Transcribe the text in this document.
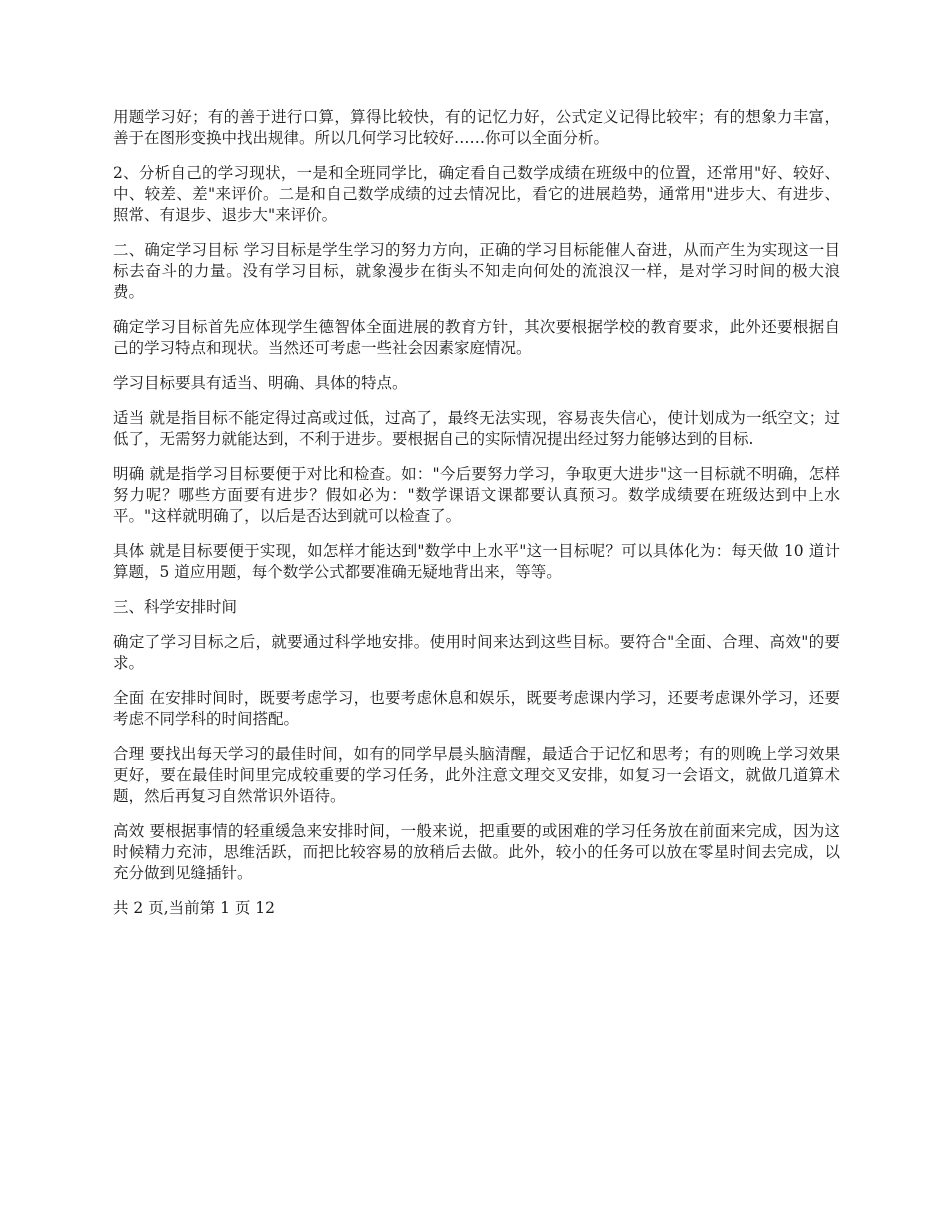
用题学习好；有的善于进行口算，算得比较快，有的记忆力好，公式定义记得比较牢；有的想象力丰富，善于在图形变换中找出规律。所以几何学习比较好……你可以全面分析。

2、分析自己的学习现状，一是和全班同学比，确定看自己数学成绩在班级中的位置，还常用"好、较好、中、较差、差"来评价。二是和自己数学成绩的过去情况比，看它的进展趋势，通常用"进步大、有进步、照常、有退步、退步大"来评价。

二、确定学习目标 学习目标是学生学习的努力方向，正确的学习目标能催人奋进，从而产生为实现这一目标去奋斗的力量。没有学习目标，就象漫步在街头不知走向何处的流浪汉一样，是对学习时间的极大浪费。

确定学习目标首先应体现学生德智体全面进展的教育方针，其次要根据学校的教育要求，此外还要根据自己的学习特点和现状。当然还可考虑一些社会因素家庭情况。

学习目标要具有适当、明确、具体的特点。

适当 就是指目标不能定得过高或过低，过高了，最终无法实现，容易丧失信心，使计划成为一纸空文；过低了，无需努力就能达到，不利于进步。要根据自己的实际情况提出经过努力能够达到的目标.

明确 就是指学习目标要便于对比和检查。如："今后要努力学习，争取更大进步"这一目标就不明确，怎样努力呢？哪些方面要有进步？假如必为："数学课语文课都要认真预习。数学成绩要在班级达到中上水平。"这样就明确了，以后是否达到就可以检查了。

具体 就是目标要便于实现，如怎样才能达到"数学中上水平"这一目标呢？可以具体化为：每天做 10 道计算题，5 道应用题，每个数学公式都要准确无疑地背出来，等等。

三、科学安排时间

确定了学习目标之后，就要通过科学地安排。使用时间来达到这些目标。要符合"全面、合理、高效"的要求。

全面 在安排时间时，既要考虑学习，也要考虑休息和娱乐，既要考虑课内学习，还要考虑课外学习，还要考虑不同学科的时间搭配。

合理 要找出每天学习的最佳时间，如有的同学早晨头脑清醒，最适合于记忆和思考；有的则晚上学习效果更好，要在最佳时间里完成较重要的学习任务，此外注意文理交叉安排，如复习一会语文，就做几道算术题，然后再复习自然常识外语待。

高效 要根据事情的轻重缓急来安排时间，一般来说，把重要的或困难的学习任务放在前面来完成，因为这时候精力充沛，思维活跃，而把比较容易的放稍后去做。此外，较小的任务可以放在零星时间去完成，以充分做到见缝插针。

共 2 页,当前第 1 页 12
